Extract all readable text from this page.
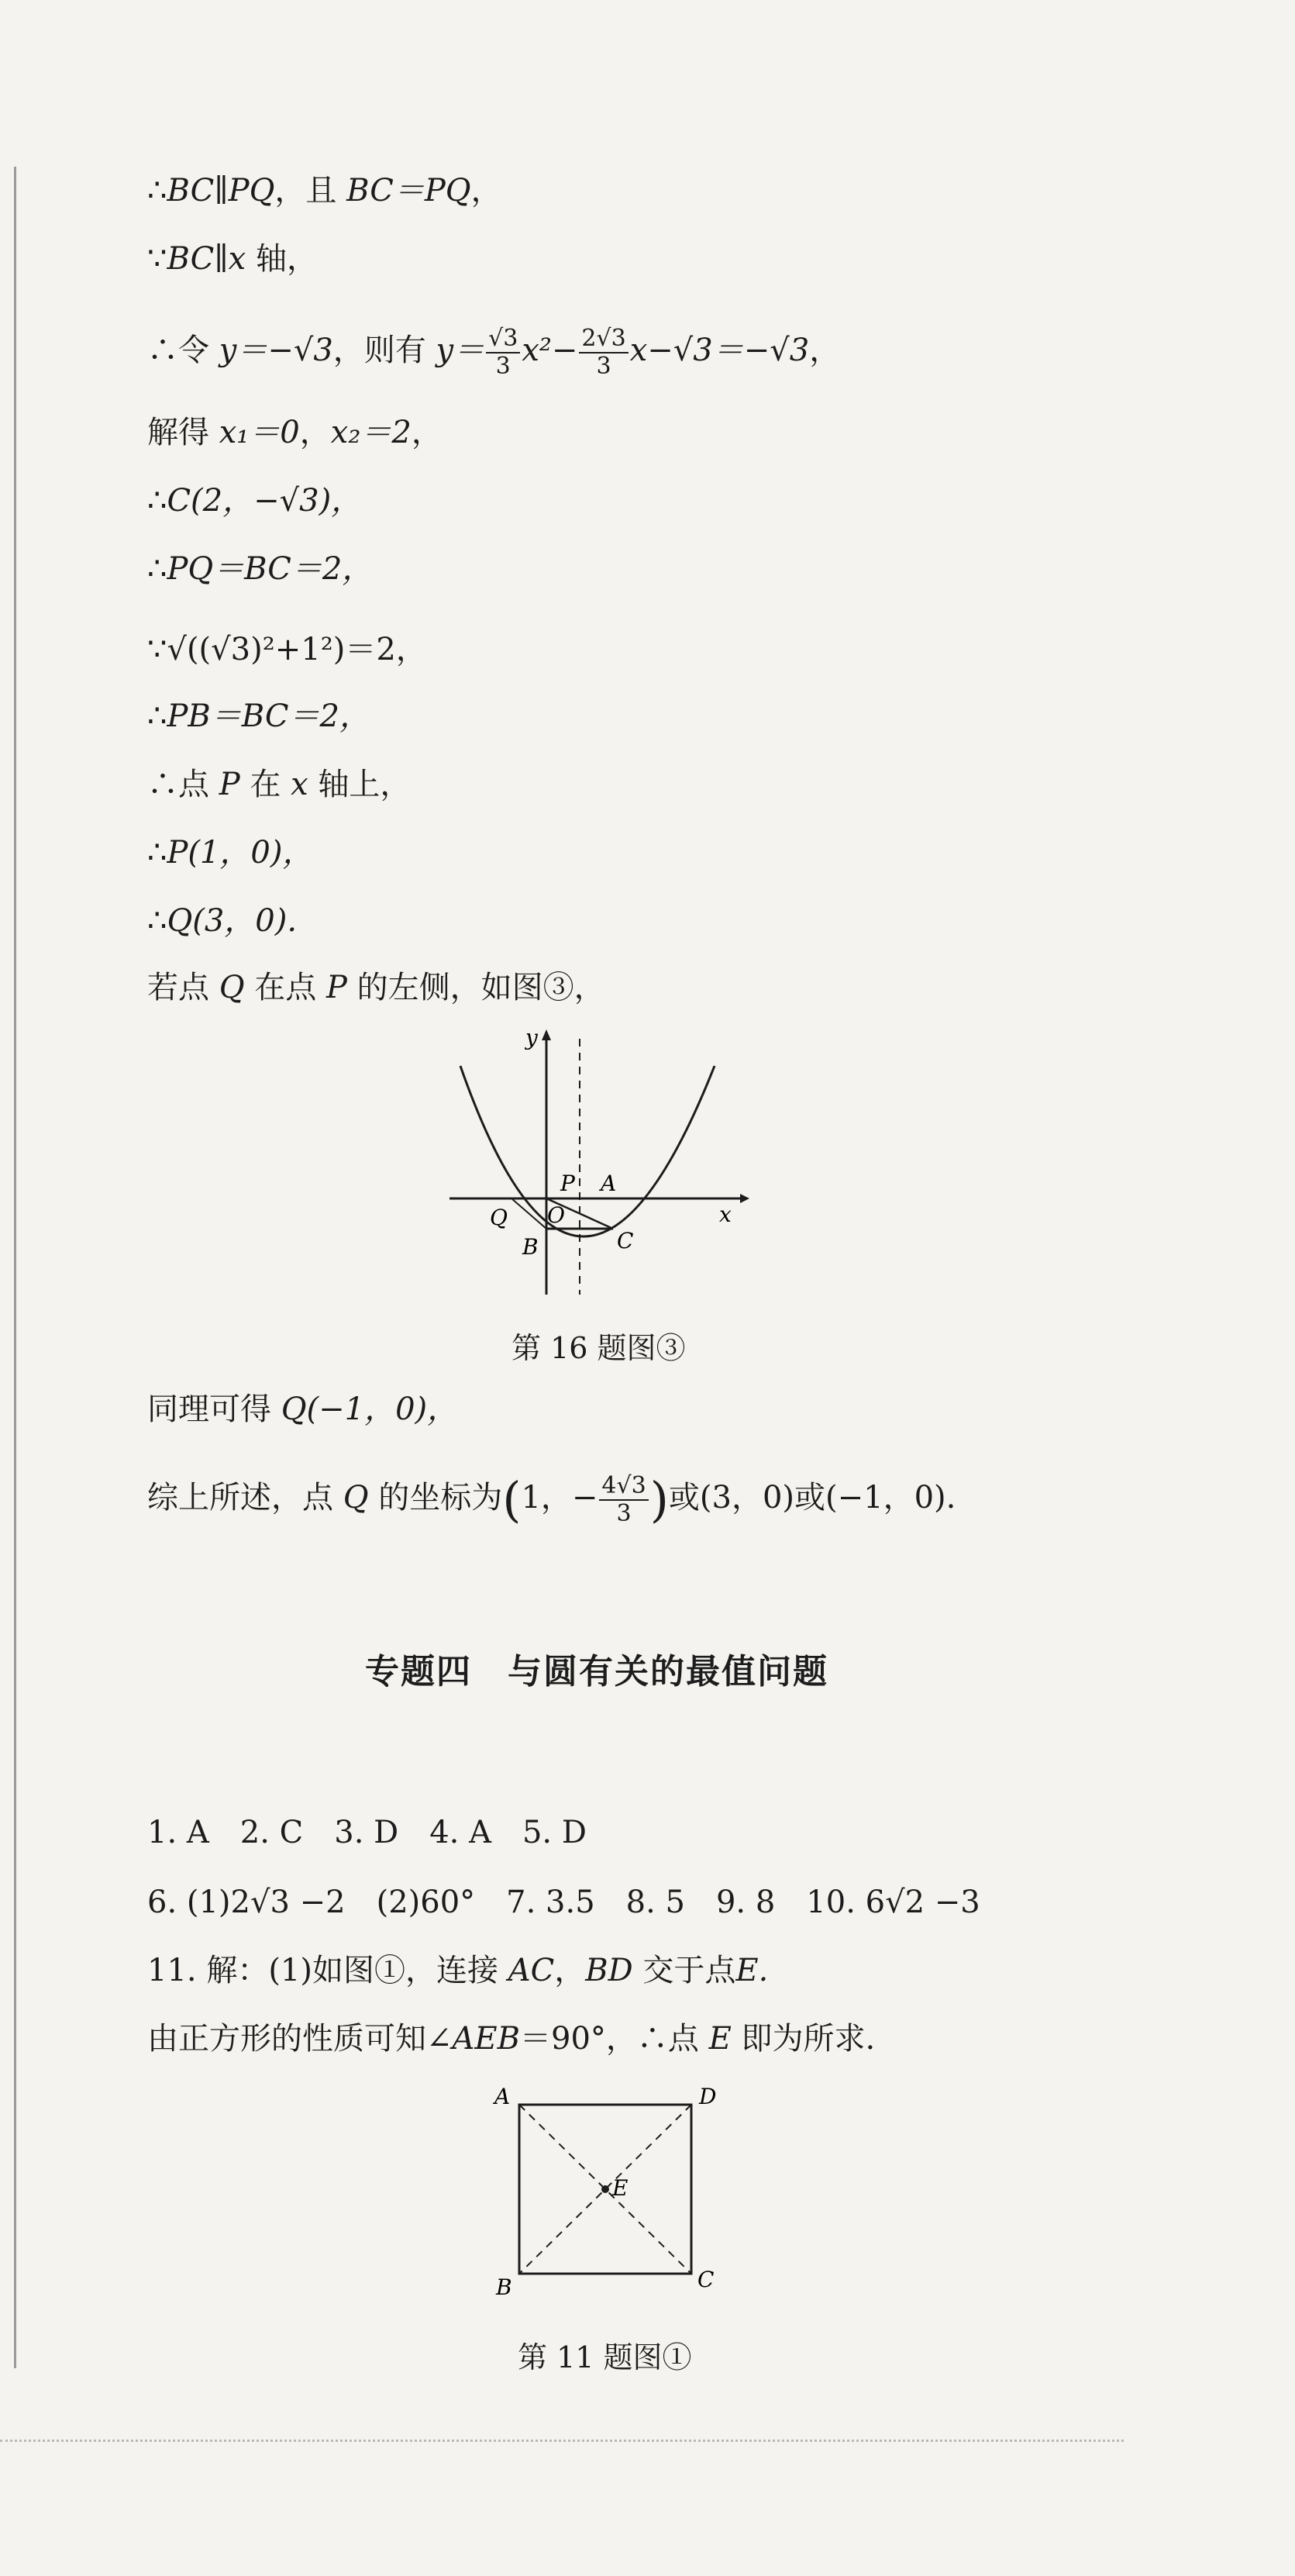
∴BC∥PQ，且 BC＝PQ，
∵BC∥x 轴，
∴令 y＝−√3，则有 $y= \frac{√3}{3} x^2- \frac{2√3}{3} x-√3=-√3$，
解得 x₁＝0，x₂＝2，
∴C(2，−√3)，
∴PQ＝BC＝2，
∵√((√3)²+1²)＝2，
∴PB＝BC＝2，
∴点 P 在 x 轴上，
∴P(1，0)，
∴Q(3，0).
若点 Q 在点 P 的左侧，如图③，
y
x
O
P A
Q
B	C
第 16 题图③
同理可得 Q(−1，0)，
综上所述，点 Q 的坐标为(1，− $\frac{4√3}{3}$ )或(3，0)或(−1，0).
专题四　与圆有关的最值问题
1. A　2. C　3. D　4. A　5. D
6. (1)2√3 −2　(2)60°　7. 3.5　8. 5　9. 8　10. 6√2 −3
11. 解：(1)如图①，连接 AC，BD 交于点E.
由正方形的性质可知∠AEB＝90°，∴点 E 即为所求.
A	D
B	C
E
第 11 题图①
